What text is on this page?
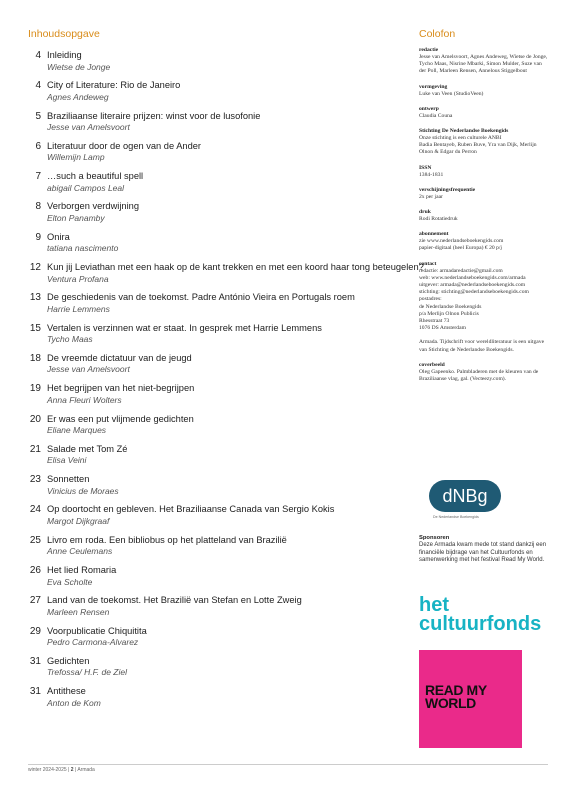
Inhoudsopgave	Colofon
4 Inleiding
Wietse de Jonge
4 City of Literature: Rio de Janeiro
Agnes Andeweg
5 Braziliaanse literaire prijzen: winst voor de lusofonie
Jesse van Amelsvoort
6 Literatuur door de ogen van de Ander
Willemijn Lamp
7 …such a beautiful spell
abigail Campos Leal
8 Verborgen verdwijning
Elton Panamby
9 Onira
tatiana nascimento
12 Kun jij Leviathan met een haak op de kant trekken en met een koord haar tong beteugelen?
Ventura Profana
13 De geschiedenis van de toekomst. Padre António Vieira en Portugals roem
Harrie Lemmens
15 Vertalen is verzinnen wat er staat. In gesprek met Harrie Lemmens
Tycho Maas
18 De vreemde dictatuur van de jeugd
Jesse van Amelsvoort
19 Het begrijpen van het niet-begrijpen
Anna Fleuri Wolters
20 Er was een put vlijmende gedichten
Eliane Marques
21 Salade met Tom Zé
Elisa Veini
23 Sonnetten
Vinicius de Moraes
24 Op doortocht en gebleven. Het Braziliaanse Canada van Sergio Kokis
Margot Dijkgraaf
25 Livro em roda. Een bibliobus op het platteland van Brazilië
Anne Ceulemans
26 Het lied Romaria
Eva Scholte
27 Land van de toekomst. Het Brazilië van Stefan en Lotte Zweig
Marleen Rensen
29 Voorpublicatie Chiquitita
Pedro Carmona-Alvarez
31 Gedichten
Trefossa/ H.F. de Ziel
31 Antithese
Anton de Kom
redactie
Jesse van Amelsvoort, Agnes Andeweg, Wietse de Jonge, Tycho Maas, Nisrine Mbarki, Simon Mulder, Suze van der Poll, Marleen Rensen, Annelous Stiggelbout
vormgeving
Luke van Veen (StudioVeen)
ontwerp
Claudia Couna
Stichting De Nederlandse Boekengids
Onze stichting is een culturele ANBI
Badia Bentayeb, Ruben Buve, Yra van Dijk, Merlijn Olnon & Edgar du Perron
ISSN
1384-1831
verschijningsfrequentie
2x per jaar
druk
Rodi Rotatiedruk
abonnement
zie www.nederlandseboekengids.com
papier-digitaal (heel Europa) € 20 p/j
contact
redactie: armadaredactie@gmail.com
web: www.nederlandseboekengids.com/armada
uitgever: armada@nederlandseboekengids.com
stichting: stichting@nederlandseboekengids.com
postadres:
de Nederlandse Boekengids
p/a Merlijn Olnon Publicis
Rhesstraat 73
1076 DS Amsterdam
Armada. Tijdschrift voor wereldliteratuur is een uitgave van Stichting de Nederlandse Boekengids.
coverbeeld
Oleg Gapeenko. Palmbladeren met de kleuren van de Braziliaanse vlag, gal. (Vecteezy.com).
dNBg
De Nederlandse Boekengids
Sponsoren
Deze Armada kwam mede tot stand dankzij een financiële bijdrage van het Cultuurfonds en samenwerking met het festival Read My World.
het
cultuurfonds
READ MY
WORLD
winter 2024-2025 | 2 | Armada
